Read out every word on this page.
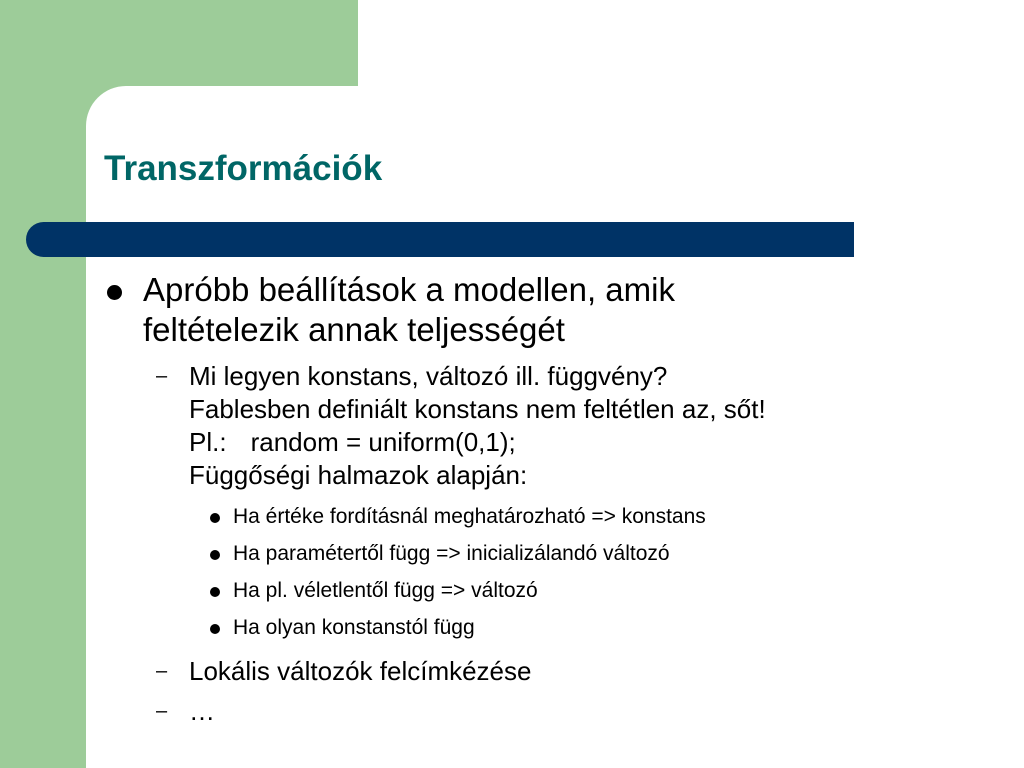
Transzformációk
Apróbb beállítások a modellen, amik
feltételezik annak teljességét
– Mi legyen konstans, változó ill. függvény?
Fablesben definiált konstans nem feltétlen az, sőt!
Pl.: random = uniform(0,1);
Függőségi halmazok alapján:
Ha értéke fordításnál meghatározható => konstans
Ha paramétertől függ => inicializálandó változó
Ha pl. véletlentől függ => változó
Ha olyan konstanstól függ
– Lokális változók felcímkézése
– …
